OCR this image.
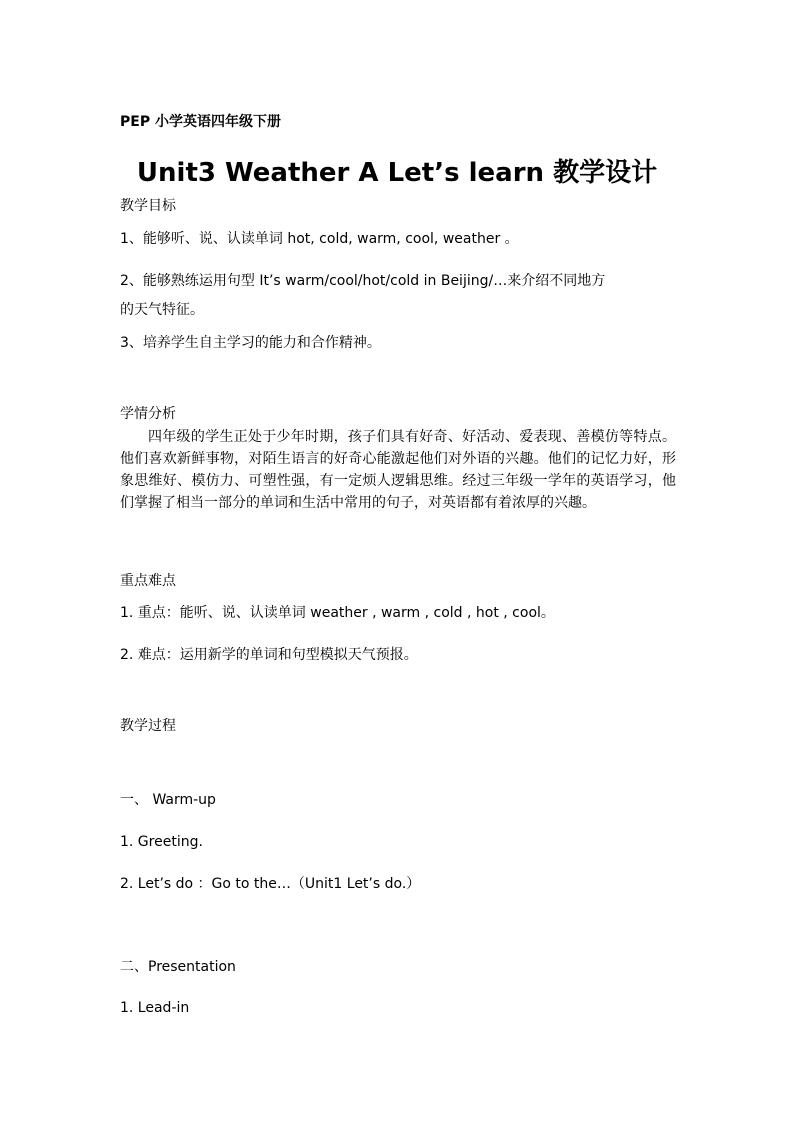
PEP 小学英语四年级下册
Unit3 Weather A Let’s learn 教学设计
教学目标
1、能够听、说、认读单词 hot, cold, warm, cool, weather 。
2、能够熟练运用句型 It’s warm/cool/hot/cold in Beijing/…来介绍不同地方
的天气特征。
3、培养学生自主学习的能力和合作精神。
学情分析
四年级的学生正处于少年时期，孩子们具有好奇、好活动、爱表现、善模仿等特点。他们喜欢新鲜事物，对陌生语言的好奇心能激起他们对外语的兴趣。他们的记忆力好，形象思维好、模仿力、可塑性强，有一定烦人逻辑思维。经过三年级一学年的英语学习，他们掌握了相当一部分的单词和生活中常用的句子，对英语都有着浓厚的兴趣。
重点难点
1. 重点：能听、说、认读单词 weather , warm , cold , hot , cool。
2. 难点：运用新学的单词和句型模拟天气预报。
教学过程
一、 Warm-up
1. Greeting.
2. Let’s do ：Go to the…（Unit1 Let’s do.）
二、Presentation
1. Lead-in
